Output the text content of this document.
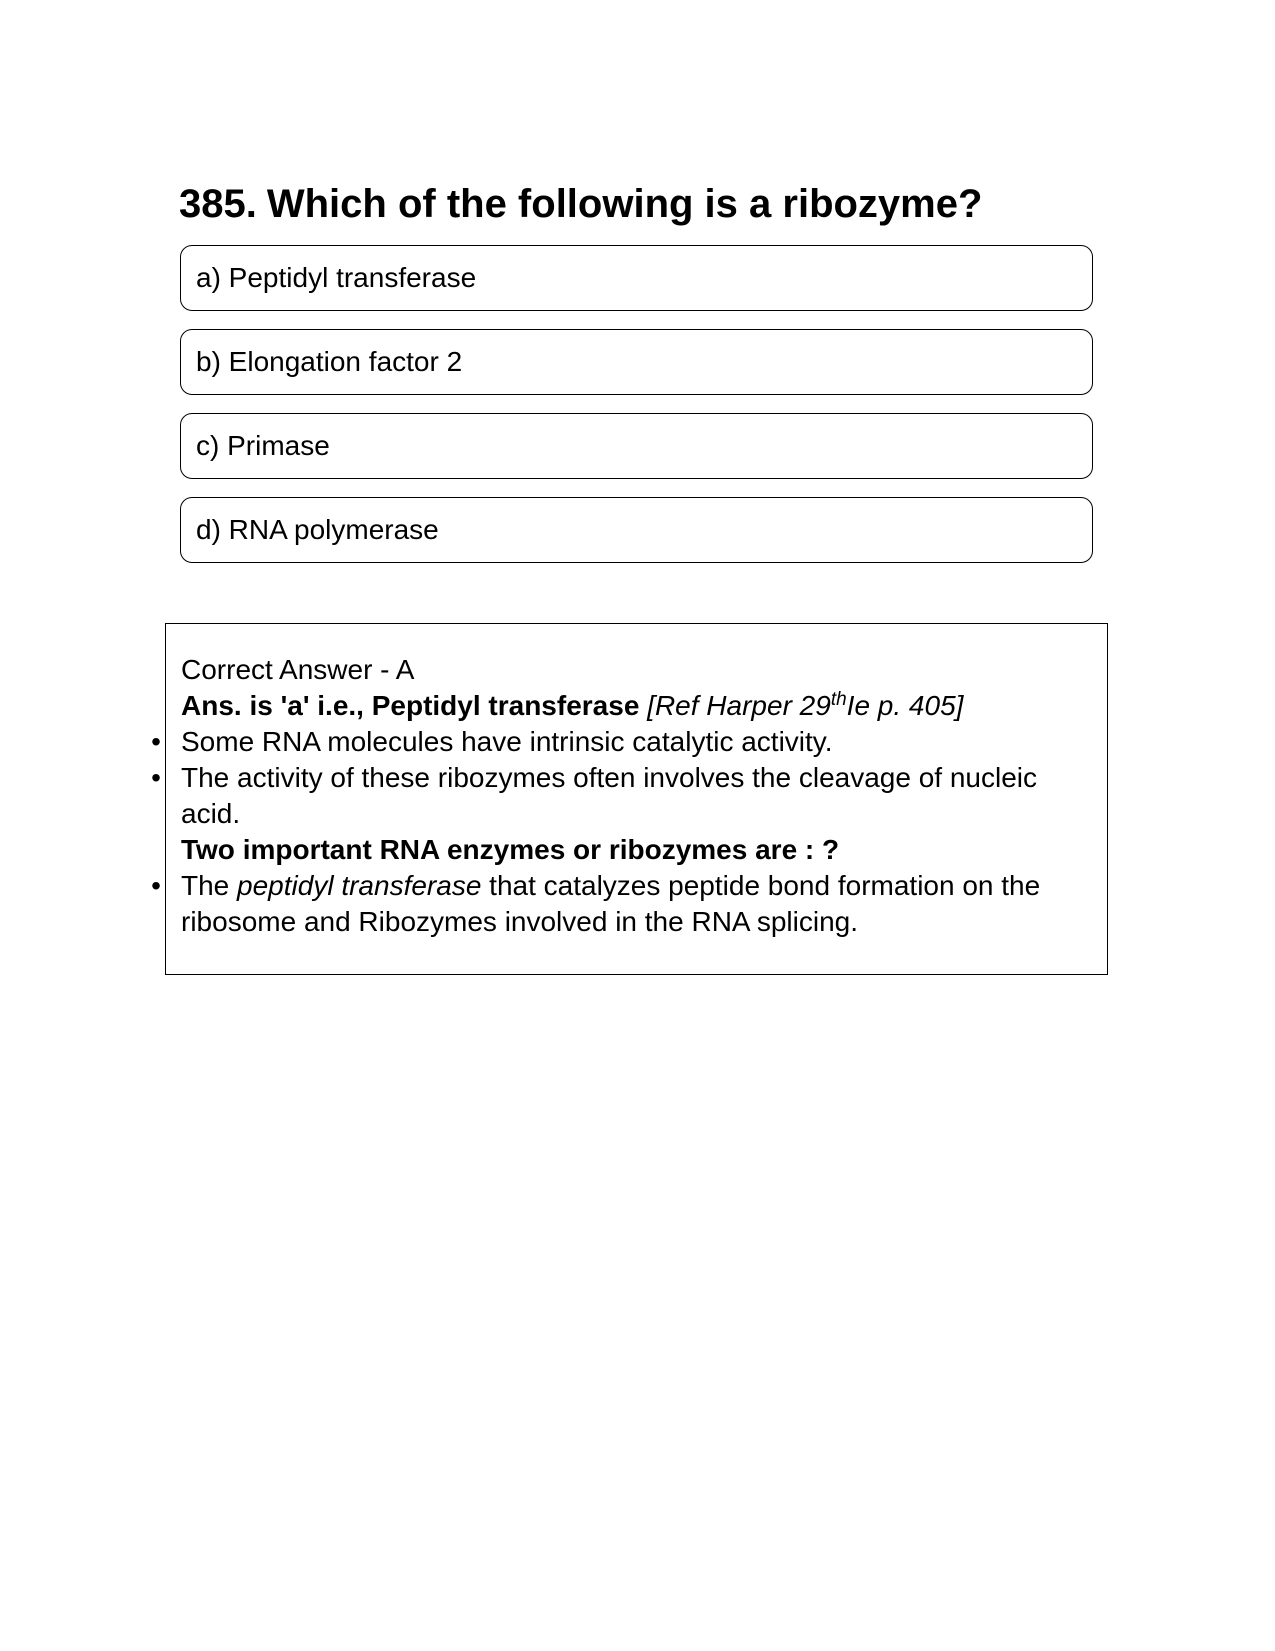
385. Which of the following is a ribozyme?
a) Peptidyl transferase
b) Elongation factor 2
c) Primase
d) RNA polymerase
Correct Answer - A
Ans. is 'a' i.e., Peptidyl transferase [Ref Harper 29thIe p. 405]
• Some RNA molecules have intrinsic catalytic activity.
• The activity of these ribozymes often involves the cleavage of nucleic acid.
Two important RNA enzymes or ribozymes are : ?
• The peptidyl transferase that catalyzes peptide bond formation on the ribosome and Ribozymes involved in the RNA splicing.
